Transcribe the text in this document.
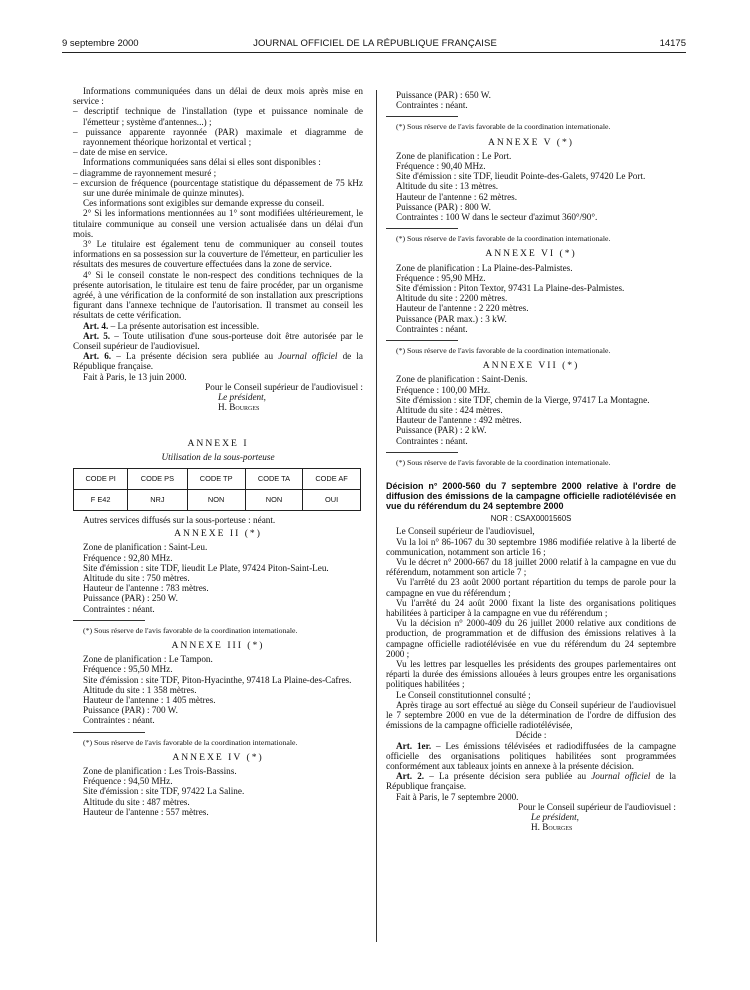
9 septembre 2000	JOURNAL OFFICIEL DE LA RÉPUBLIQUE FRANÇAISE	14175

Informations communiquées dans un délai de deux mois après mise en service :

– descriptif technique de l'installation (type et puissance nominale de l'émetteur ; système d'antennes...) ;

– puissance apparente rayonnée (PAR) maximale et diagramme de rayonnement théorique horizontal et vertical ;

– date de mise en service.

Informations communiquées sans délai si elles sont disponibles :

– diagramme de rayonnement mesuré ;

– excursion de fréquence (pourcentage statistique du dépassement de 75 kHz sur une durée minimale de quinze minutes).

Ces informations sont exigibles sur demande expresse du conseil.

2° Si les informations mentionnées au 1° sont modifiées ultérieurement, le titulaire communique au conseil une version actualisée dans un délai d'un mois.

3° Le titulaire est également tenu de communiquer au conseil toutes informations en sa possession sur la couverture de l'émetteur, en particulier les résultats des mesures de couverture effectuées dans la zone de service.

4° Si le conseil constate le non-respect des conditions techniques de la présente autorisation, le titulaire est tenu de faire procéder, par un organisme agréé, à une vérification de la conformité de son installation aux prescriptions figurant dans l'annexe technique de l'autorisation. Il transmet au conseil les résultats de cette vérification.

Art. 4. – La présente autorisation est incessible.

Art. 5. – Toute utilisation d'une sous-porteuse doit être autorisée par le Conseil supérieur de l'audiovisuel.

Art. 6. – La présente décision sera publiée au Journal officiel de la République française.

Fait à Paris, le 13 juin 2000.

Pour le Conseil supérieur de l'audiovisuel :

Le président,

H. Bourges

ANNEXE I

Utilisation de la sous-porteuse

CODE PI	CODE PS	CODE TP	CODE TA	CODE AF
F E42	NRJ	NON	NON	OUI

Autres services diffusés sur la sous-porteuse : néant.

ANNEXE II (*)

Zone de planification : Saint-Leu.

Fréquence : 92,80 MHz.

Site d'émission : site TDF, lieudit Le Plate, 97424 Piton-Saint-Leu.

Altitude du site : 750 mètres.

Hauteur de l'antenne : 783 mètres.

Puissance (PAR) : 250 W.

Contraintes : néant.

(*) Sous réserve de l'avis favorable de la coordination internationale.

ANNEXE III (*)

Zone de planification : Le Tampon.

Fréquence : 95,50 MHz.

Site d'émission : site TDF, Piton-Hyacinthe, 97418 La Plaine-des-Cafres.

Altitude du site : 1 358 mètres.

Hauteur de l'antenne : 1 405 mètres.

Puissance (PAR) : 700 W.

Contraintes : néant.

(*) Sous réserve de l'avis favorable de la coordination internationale.

ANNEXE IV (*)

Zone de planification : Les Trois-Bassins.

Fréquence : 94,50 MHz.

Site d'émission : site TDF, 97422 La Saline.

Altitude du site : 487 mètres.

Hauteur de l'antenne : 557 mètres.

Puissance (PAR) : 650 W.

Contraintes : néant.

(*) Sous réserve de l'avis favorable de la coordination internationale.

ANNEXE V (*)

Zone de planification : Le Port.

Fréquence : 90,40 MHz.

Site d'émission : site TDF, lieudit Pointe-des-Galets, 97420 Le Port.

Altitude du site : 13 mètres.

Hauteur de l'antenne : 62 mètres.

Puissance (PAR) : 800 W.

Contraintes : 100 W dans le secteur d'azimut 360°/90°.

(*) Sous réserve de l'avis favorable de la coordination internationale.

ANNEXE VI (*)

Zone de planification : La Plaine-des-Palmistes.

Fréquence : 95,90 MHz.

Site d'émission : Piton Textor, 97431 La Plaine-des-Palmistes.

Altitude du site : 2200 mètres.

Hauteur de l'antenne : 2 220 mètres.

Puissance (PAR max.) : 3 kW.

Contraintes : néant.

(*) Sous réserve de l'avis favorable de la coordination internationale.

ANNEXE VII (*)

Zone de planification : Saint-Denis.

Fréquence : 100,00 MHz.

Site d'émission : site TDF, chemin de la Vierge, 97417 La Montagne.

Altitude du site : 424 mètres.

Hauteur de l'antenne : 492 mètres.

Puissance (PAR) : 2 kW.

Contraintes : néant.

(*) Sous réserve de l'avis favorable de la coordination internationale.

Décision n° 2000-560 du 7 septembre 2000 relative à l'ordre de diffusion des émissions de la campagne officielle radiotélévisée en vue du référendum du 24 septembre 2000

NOR : CSAX0001560S

Le Conseil supérieur de l'audiovisuel,

Vu la loi n° 86-1067 du 30 septembre 1986 modifiée relative à la liberté de communication, notamment son article 16 ;

Vu le décret n° 2000-667 du 18 juillet 2000 relatif à la campagne en vue du référendum, notamment son article 7 ;

Vu l'arrêté du 23 août 2000 portant répartition du temps de parole pour la campagne en vue du référendum ;

Vu l'arrêté du 24 août 2000 fixant la liste des organisations politiques habilitées à participer à la campagne en vue du référendum ;

Vu la décision n° 2000-409 du 26 juillet 2000 relative aux conditions de production, de programmation et de diffusion des émissions relatives à la campagne officielle radiotélévisée en vue du référendum du 24 septembre 2000 ;

Vu les lettres par lesquelles les présidents des groupes parlementaires ont réparti la durée des émissions allouées à leurs groupes entre les organisations politiques habilitées ;

Le Conseil constitutionnel consulté ;

Après tirage au sort effectué au siège du Conseil supérieur de l'audiovisuel le 7 septembre 2000 en vue de la détermination de l'ordre de diffusion des émissions de la campagne officielle radiotélévisée,

Décide :

Art. 1er. – Les émissions télévisées et radiodiffusées de la campagne officielle des organisations politiques habilitées sont programmées conformément aux tableaux joints en annexe à la présente décision.

Art. 2. – La présente décision sera publiée au Journal officiel de la République française.

Fait à Paris, le 7 septembre 2000.

Pour le Conseil supérieur de l'audiovisuel :

Le président,

H. Bourges
